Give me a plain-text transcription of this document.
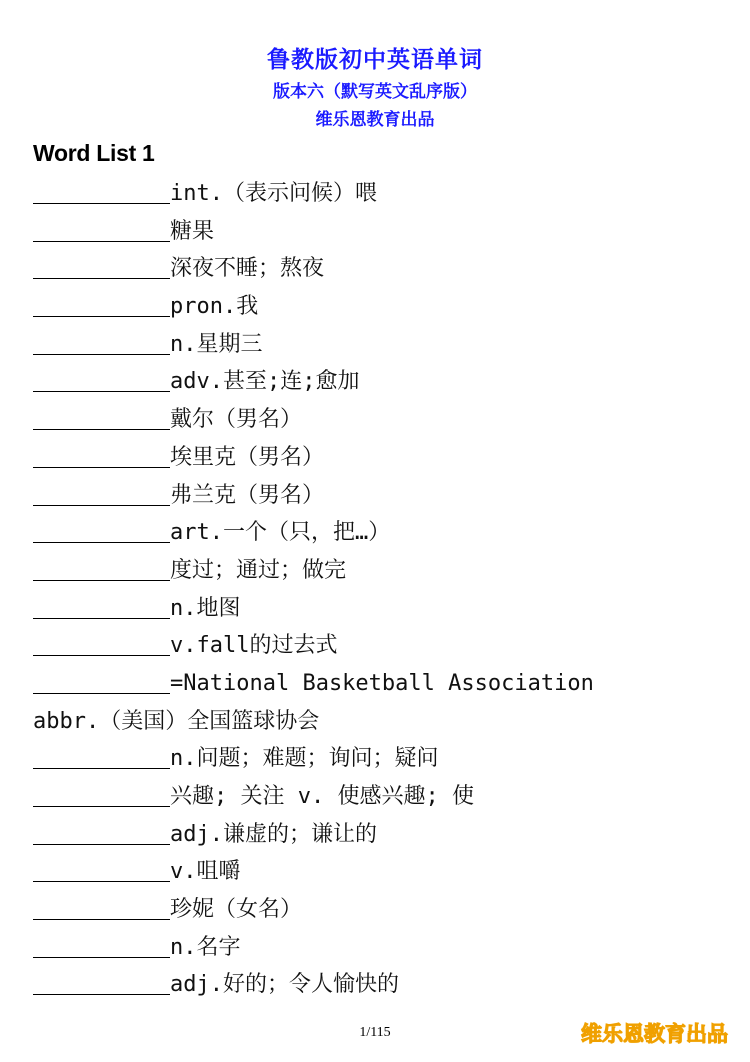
鲁教版初中英语单词
版本六（默写英文乱序版）
维乐恩教育出品
Word List 1
int.（表示问候）喂
糖果
深夜不睡；熬夜
pron.我
n.星期三
adv.甚至;连;愈加
戴尔（男名）
埃里克（男名）
弗兰克（男名）
art.一个（只，把…）
度过；通过；做完
n.地图
v.fall的过去式
=National Basketball Association
abbr.（美国）全国篮球协会
n.问题；难题；询问；疑问
兴趣; 关注 v. 使感兴趣; 使
adj.谦虚的；谦让的
v.咀嚼
珍妮（女名）
n.名字
adj.好的；令人愉快的
1/115	维乐恩教育出品
